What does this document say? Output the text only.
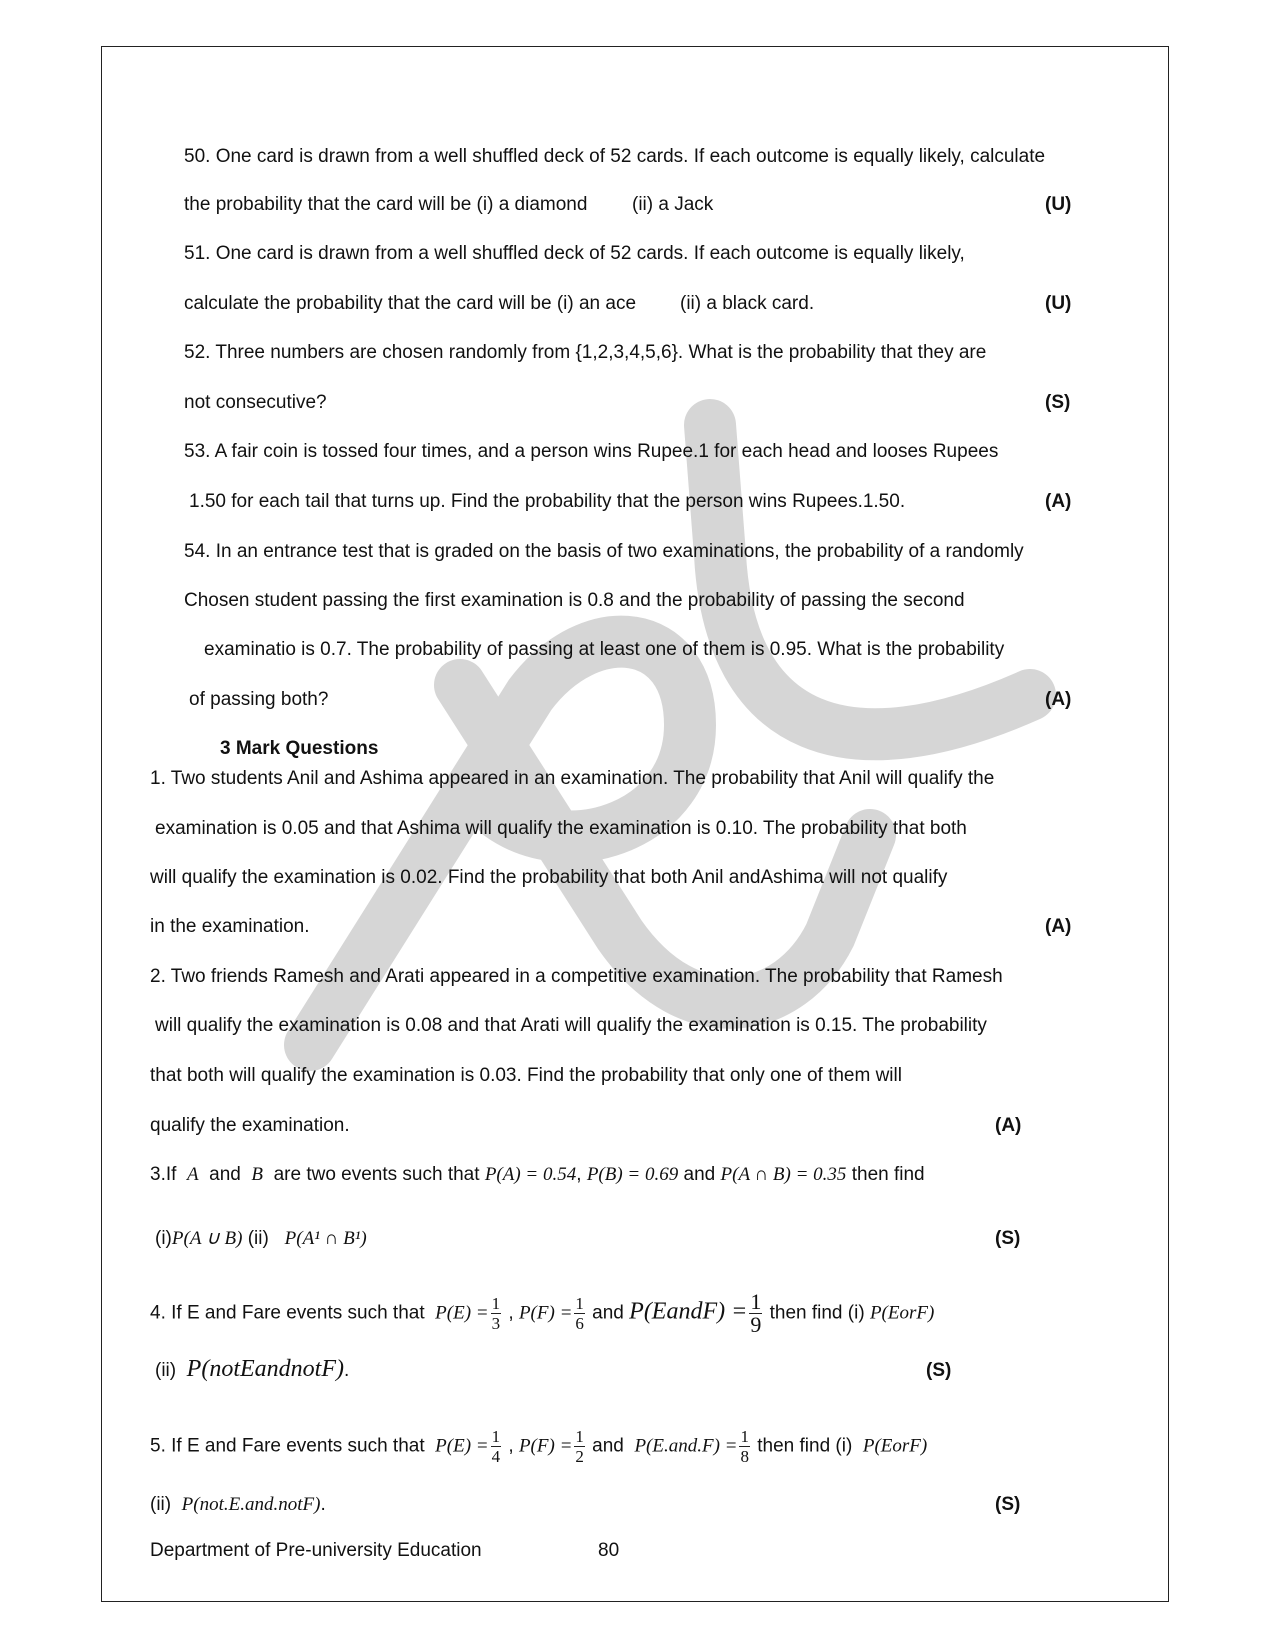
50. One card is drawn from a well shuffled deck of 52 cards. If each outcome is equally likely, calculate
the probability that the card will be (i) a diamond (ii) a Jack	(U)
51. One card is drawn from a well shuffled deck of 52 cards. If each outcome is equally likely,
calculate the probability that the card will be (i) an ace (ii) a black card.	(U)
52. Three numbers are chosen randomly from {1,2,3,4,5,6}. What is the probability that they are
not consecutive?	(S)
53. A fair coin is tossed four times, and a person wins Rupee.1 for each head and looses Rupees
1.50 for each tail that turns up. Find the probability that the person wins Rupees.1.50.	(A)
54. In an entrance test that is graded on the basis of two examinations, the probability of a randomly
Chosen student passing the first examination is 0.8 and the probability of passing the second
examinatio is 0.7. The probability of passing at least one of them is 0.95. What is the probability
of passing both?	(A)
3 Mark Questions
1. Two students Anil and Ashima appeared in an examination. The probability that Anil will qualify the
examination is 0.05 and that Ashima will qualify the examination is 0.10. The probability that both
will qualify the examination is 0.02. Find the probability that both Anil andAshima will not qualify
in the examination.	(A)
2. Two friends Ramesh and Arati appeared in a competitive examination. The probability that Ramesh
will qualify the examination is 0.08 and that Arati will qualify the examination is 0.15. The probability
that both will qualify the examination is 0.03. Find the probability that only one of them will
qualify the examination.	(A)
3.If A and B are two events such that P(A) = 0.54, P(B) = 0.69 and P(A ∩ B) = 0.35 then find
(i)P(A ∪ B) (ii) P(A¹ ∩ B¹)	(S)
4. If E and Fare events such that $P(E) = \frac{1}{3}$ , $P(F) = \frac{1}{6}$ and P(EandF) = $\frac{1}{9}$ then find (i) P(EorF)
(ii) P(notEandnotF).	(S)
5. If E and Fare events such that $P(E) = \frac{1}{4}$ , $P(F) = \frac{1}{2}$ and $P(E.and.F) = \frac{1}{8}$ then find (i) P(EorF)
(ii) P(not.E.and.notF).	(S)
Department of Pre-university Education	80
